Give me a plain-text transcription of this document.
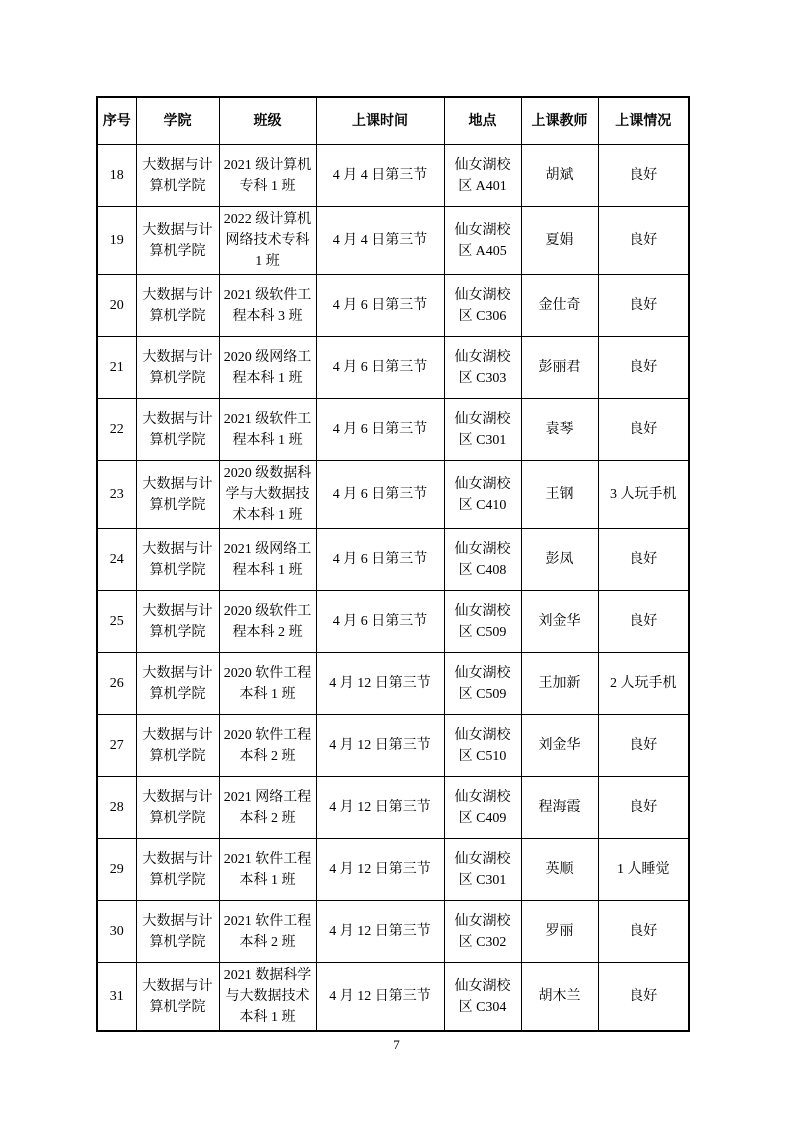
序号	学院	班级	上课时间	地点	上课教师	上课情况
18	大数据与计算机学院	2021 级计算机专科 1 班	4 月 4 日第三节	仙女湖校区 A401	胡斌	良好
19	大数据与计算机学院	2022 级计算机网络技术专科 1 班	4 月 4 日第三节	仙女湖校区 A405	夏娟	良好
20	大数据与计算机学院	2021 级软件工程本科 3 班	4 月 6 日第三节	仙女湖校区 C306	金仕奇	良好
21	大数据与计算机学院	2020 级网络工程本科 1 班	4 月 6 日第三节	仙女湖校区 C303	彭丽君	良好
22	大数据与计算机学院	2021 级软件工程本科 1 班	4 月 6 日第三节	仙女湖校区 C301	袁琴	良好
23	大数据与计算机学院	2020 级数据科学与大数据技术本科 1 班	4 月 6 日第三节	仙女湖校区 C410	王钢	3 人玩手机
24	大数据与计算机学院	2021 级网络工程本科 1 班	4 月 6 日第三节	仙女湖校区 C408	彭凤	良好
25	大数据与计算机学院	2020 级软件工程本科 2 班	4 月 6 日第三节	仙女湖校区 C509	刘金华	良好
26	大数据与计算机学院	2020 软件工程本科 1 班	4 月 12 日第三节	仙女湖校区 C509	王加新	2 人玩手机
27	大数据与计算机学院	2020 软件工程本科 2 班	4 月 12 日第三节	仙女湖校区 C510	刘金华	良好
28	大数据与计算机学院	2021 网络工程本科 2 班	4 月 12 日第三节	仙女湖校区 C409	程海霞	良好
29	大数据与计算机学院	2021 软件工程本科 1 班	4 月 12 日第三节	仙女湖校区 C301	英顺	1 人睡觉
30	大数据与计算机学院	2021 软件工程本科 2 班	4 月 12 日第三节	仙女湖校区 C302	罗丽	良好
31	大数据与计算机学院	2021 数据科学与大数据技术本科 1 班	4 月 12 日第三节	仙女湖校区 C304	胡木兰	良好
7
